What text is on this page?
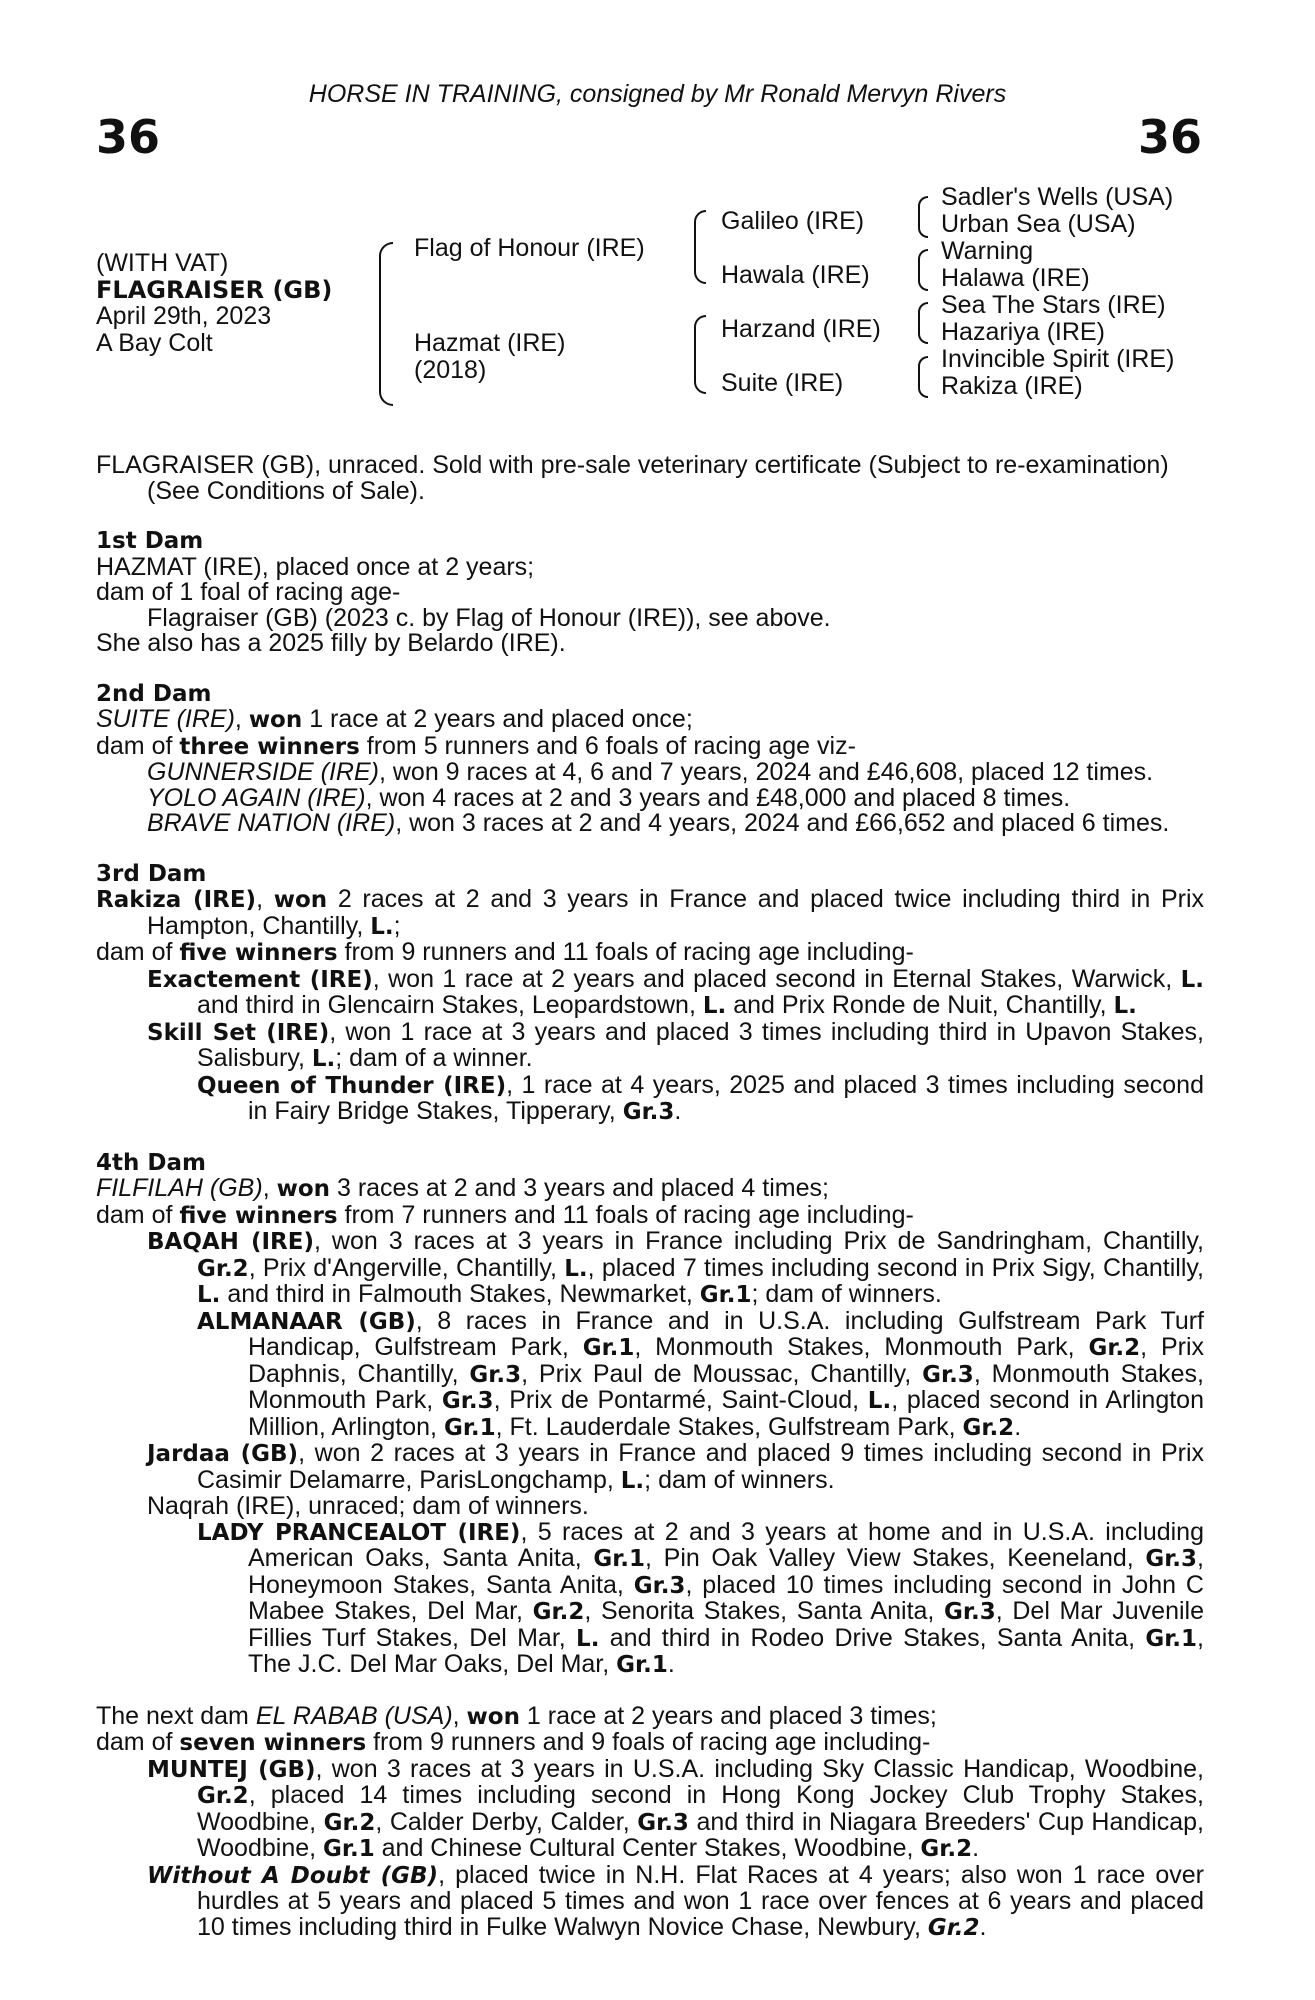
HORSE IN TRAINING, consigned by Mr Ronald Mervyn Rivers
36	36
(WITH VAT)
FLAGRAISER (GB)
April 29th, 2023
A Bay Colt
Flag of Honour (IRE)
Hazmat (IRE)
(2018)
Galileo (IRE)
Hawala (IRE)
Harzand (IRE)
Suite (IRE)
Sadler's Wells (USA)
Urban Sea (USA)
Warning
Halawa (IRE)
Sea The Stars (IRE)
Hazariya (IRE)
Invincible Spirit (IRE)
Rakiza (IRE)

FLAGRAISER (GB), unraced. Sold with pre-sale veterinary certificate (Subject to re-examination)

(See Conditions of Sale).

1st Dam

HAZMAT (IRE), placed once at 2 years;

dam of 1 foal of racing age-

Flagraiser (GB) (2023 c. by Flag of Honour (IRE)), see above.

She also has a 2025 filly by Belardo (IRE).

2nd Dam

SUITE (IRE), won 1 race at 2 years and placed once;

dam of three winners from 5 runners and 6 foals of racing age viz-

GUNNERSIDE (IRE), won 9 races at 4, 6 and 7 years, 2024 and £46,608, placed 12 times.

YOLO AGAIN (IRE), won 4 races at 2 and 3 years and £48,000 and placed 8 times.

BRAVE NATION (IRE), won 3 races at 2 and 4 years, 2024 and £66,652 and placed 6 times.

3rd Dam

Rakiza (IRE), won 2 races at 2 and 3 years in France and placed twice including third in Prix Hampton, Chantilly, L.;

dam of five winners from 9 runners and 11 foals of racing age including-

Exactement (IRE), won 1 race at 2 years and placed second in Eternal Stakes, Warwick, L. and third in Glencairn Stakes, Leopardstown, L. and Prix Ronde de Nuit, Chantilly, L.

Skill Set (IRE), won 1 race at 3 years and placed 3 times including third in Upavon Stakes, Salisbury, L.; dam of a winner.

Queen of Thunder (IRE), 1 race at 4 years, 2025 and placed 3 times including second in Fairy Bridge Stakes, Tipperary, Gr.3.

4th Dam

FILFILAH (GB), won 3 races at 2 and 3 years and placed 4 times;

dam of five winners from 7 runners and 11 foals of racing age including-

BAQAH (IRE), won 3 races at 3 years in France including Prix de Sandringham, Chantilly, Gr.2, Prix d'Angerville, Chantilly, L., placed 7 times including second in Prix Sigy, Chantilly, L. and third in Falmouth Stakes, Newmarket, Gr.1; dam of winners.

ALMANAAR (GB), 8 races in France and in U.S.A. including Gulfstream Park Turf Handicap, Gulfstream Park, Gr.1, Monmouth Stakes, Monmouth Park, Gr.2, Prix Daphnis, Chantilly, Gr.3, Prix Paul de Moussac, Chantilly, Gr.3, Monmouth Stakes, Monmouth Park, Gr.3, Prix de Pontarmé, Saint-Cloud, L., placed second in Arlington Million, Arlington, Gr.1, Ft. Lauderdale Stakes, Gulfstream Park, Gr.2.

Jardaa (GB), won 2 races at 3 years in France and placed 9 times including second in Prix Casimir Delamarre, ParisLongchamp, L.; dam of winners.

Naqrah (IRE), unraced; dam of winners.

LADY PRANCEALOT (IRE), 5 races at 2 and 3 years at home and in U.S.A. including American Oaks, Santa Anita, Gr.1, Pin Oak Valley View Stakes, Keeneland, Gr.3, Honeymoon Stakes, Santa Anita, Gr.3, placed 10 times including second in John C Mabee Stakes, Del Mar, Gr.2, Senorita Stakes, Santa Anita, Gr.3, Del Mar Juvenile Fillies Turf Stakes, Del Mar, L. and third in Rodeo Drive Stakes, Santa Anita, Gr.1, The J.C. Del Mar Oaks, Del Mar, Gr.1.

The next dam EL RABAB (USA), won 1 race at 2 years and placed 3 times;

dam of seven winners from 9 runners and 9 foals of racing age including-

MUNTEJ (GB), won 3 races at 3 years in U.S.A. including Sky Classic Handicap, Woodbine, Gr.2, placed 14 times including second in Hong Kong Jockey Club Trophy Stakes, Woodbine, Gr.2, Calder Derby, Calder, Gr.3 and third in Niagara Breeders' Cup Handicap, Woodbine, Gr.1 and Chinese Cultural Center Stakes, Woodbine, Gr.2.

Without A Doubt (GB), placed twice in N.H. Flat Races at 4 years; also won 1 race over hurdles at 5 years and placed 5 times and won 1 race over fences at 6 years and placed 10 times including third in Fulke Walwyn Novice Chase, Newbury, Gr.2.
